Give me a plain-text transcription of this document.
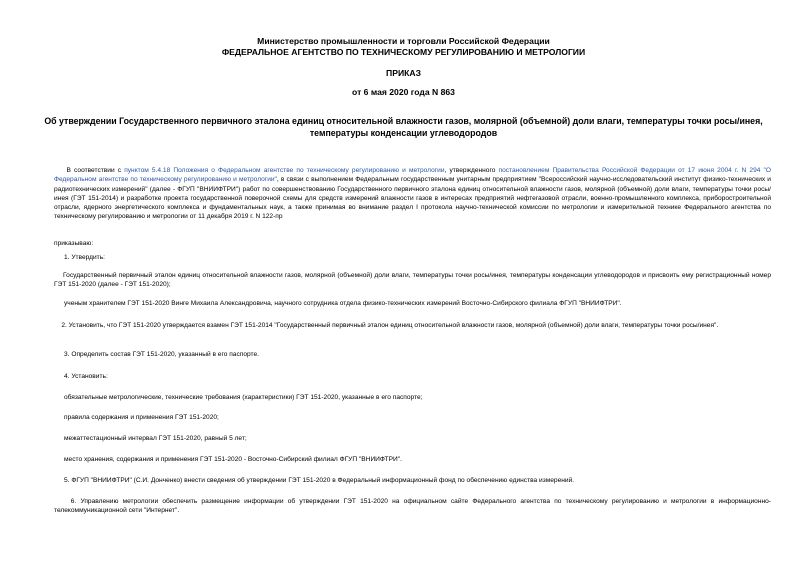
Министерство промышленности и торговли Российской Федерации
ФЕДЕРАЛЬНОЕ АГЕНТСТВО ПО ТЕХНИЧЕСКОМУ РЕГУЛИРОВАНИЮ И МЕТРОЛОГИИ
ПРИКАЗ
от 6 мая 2020 года N 863
Об утверждении Государственного первичного эталона единиц относительной влажности газов, молярной (объемной) доли влаги, температуры точки росы/инея,
температуры конденсации углеводородов
В соответствии с пунктом 5.4.18 Положения о Федеральном агентстве по техническому регулированию и метрологии, утвержденного постановлением Правительства Российской Федерации от 17 июня 2004 г. N 294 "О Федеральном агентстве по техническому регулированию и метрологии", в связи с выполнением Федеральным государственным унитарным предприятием "Всероссийский научно-исследовательский институт физико-технических и радиотехнических измерений" (далее - ФГУП "ВНИИФТРИ") работ по совершенствованию Государственного первичного эталона единиц относительной влажности газов, молярной (объемной) доли влаги, температуры точки росы/инея (ГЭТ 151-2014) и разработке проекта государственной поверочной схемы для средств измерений влажности газов в интересах предприятий нефтегазовой отрасли, военно-промышленного комплекса, приборостроительной отрасли, ядерного энергетического комплекса и фундаментальных наук, а также принимая во внимание раздел I протокола научно-технической комиссии по метрологии и измерительной технике Федерального агентства по техническому регулированию и метрологии от 11 декабря 2019 г. N 122-пр
приказываю:
1. Утвердить:
Государственный первичный эталон единиц относительной влажности газов, молярной (объемной) доли влаги, температуры точки росы/инея, температуры конденсации углеводородов и присвоить ему регистрационный номер ГЭТ 151-2020 (далее - ГЭТ 151-2020);
ученым хранителем ГЭТ 151-2020 Винге Михаила Александровича, научного сотрудника отдела физико-технических измерений Восточно-Сибирского филиала ФГУП "ВНИИФТРИ".
2. Установить, что ГЭТ 151-2020 утверждается взамен ГЭТ 151-2014 "Государственный первичный эталон единиц относительной влажности газов, молярной (объемной) доли влаги, температуры точки росы/инея".
3. Определить состав ГЭТ 151-2020, указанный в его паспорте.
4. Установить:
обязательные метрологические, технические требования (характеристики) ГЭТ 151-2020, указанные в его паспорте;
правила содержания и применения ГЭТ 151-2020;
межаттестационный интервал ГЭТ 151-2020, равный 5 лет;
место хранения, содержания и применения ГЭТ 151-2020 - Восточно-Сибирский филиал ФГУП "ВНИИФТРИ".
5. ФГУП "ВНИИФТРИ" (С.И. Донченко) внести сведения об утверждении ГЭТ 151-2020 в Федеральный информационный фонд по обеспечению единства измерений.
6. Управлению метрологии обеспечить размещение информации об утверждении ГЭТ 151-2020 на официальном сайте Федерального агентства по техническому регулированию и метрологии в информационно-телекоммуникационной сети "Интернет".
